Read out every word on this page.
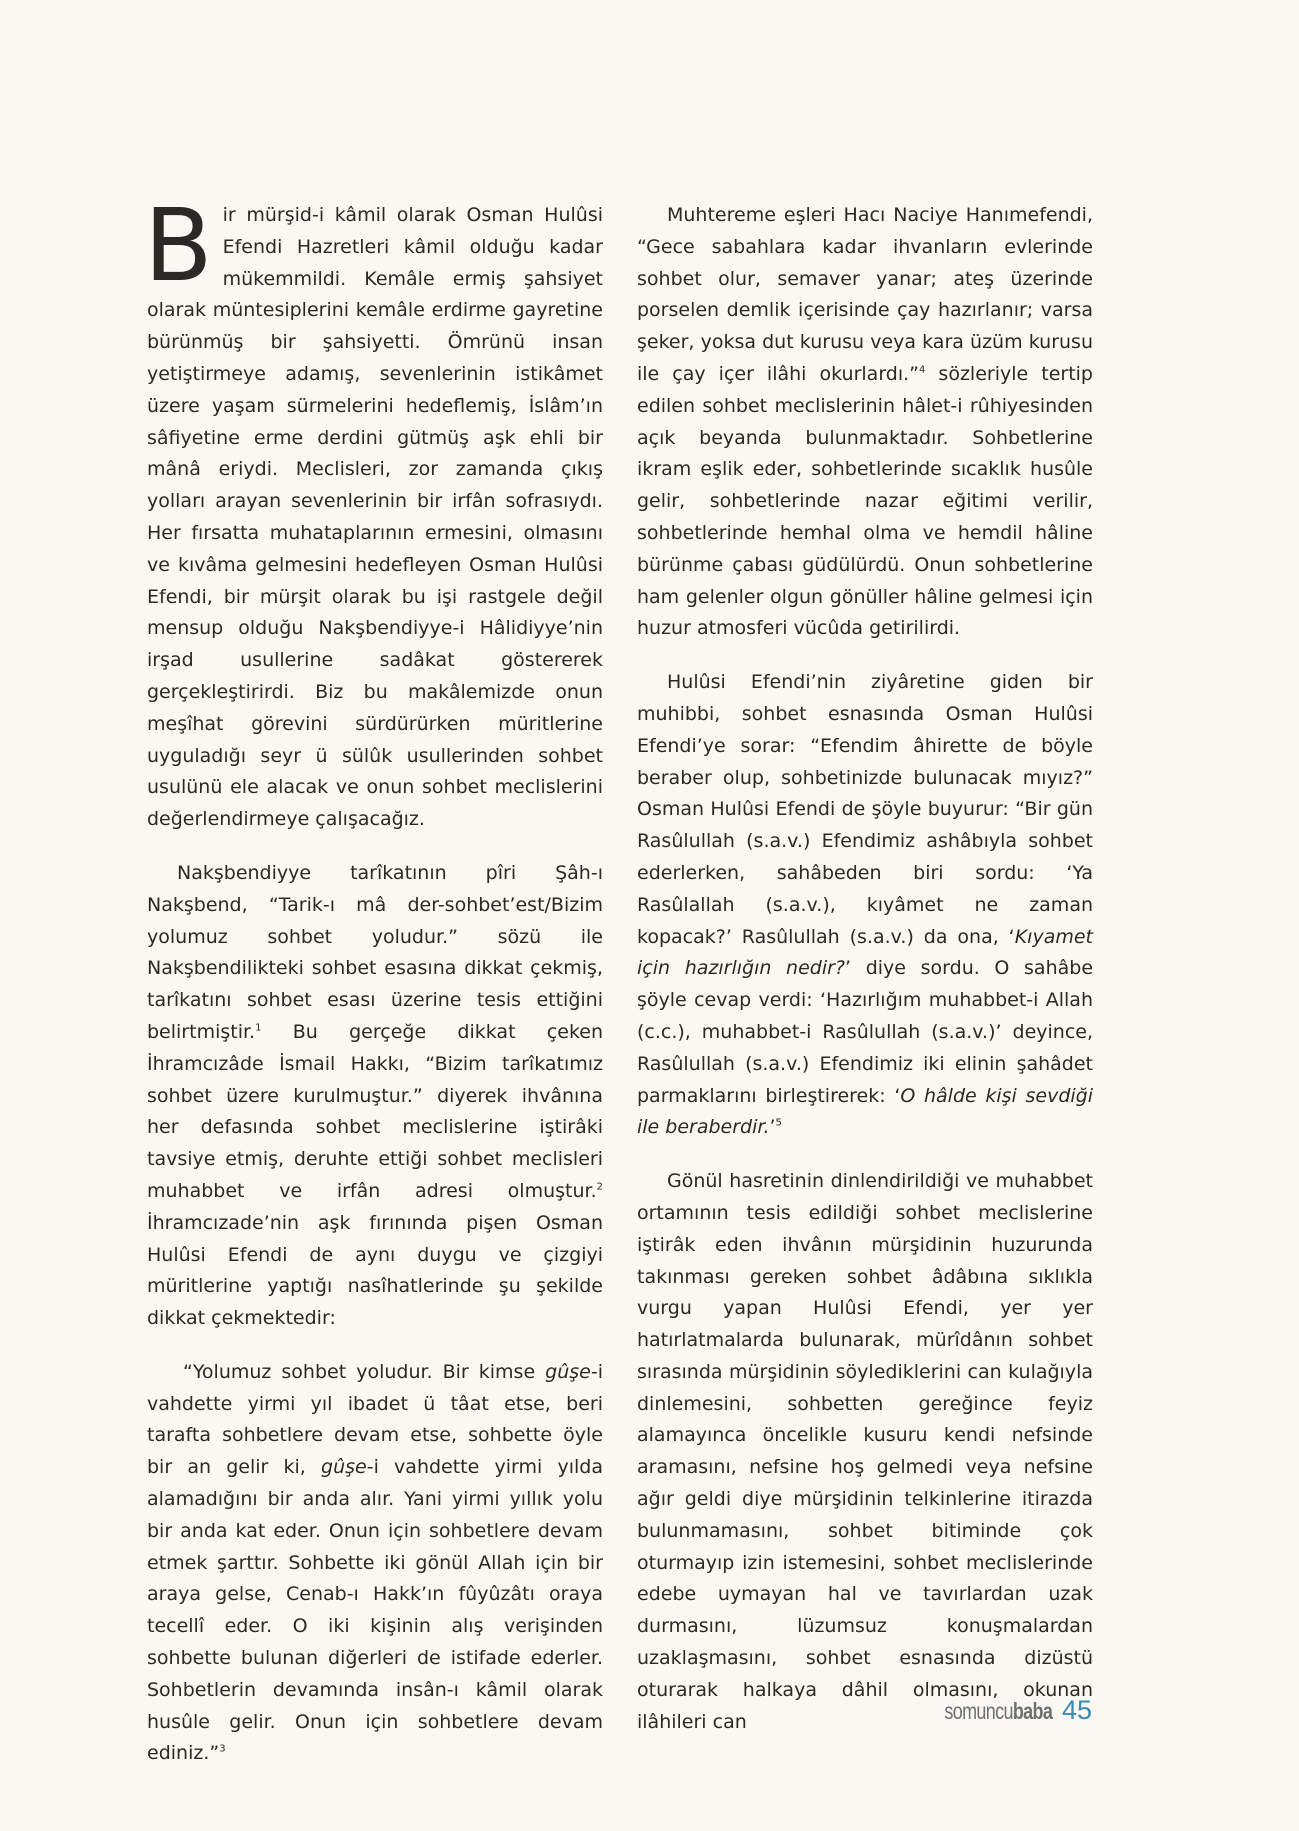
Bir mürşid-i kâmil olarak Osman Hulûsi Efendi Hazretleri kâmil olduğu kadar mükemmildi. Kemâle ermiş şahsiyet olarak müntesiplerini kemâle erdirme gayretine bürünmüş bir şahsiyetti. Ömrünü insan yetiştirmeye adamış, sevenlerinin istikâmet üzere yaşam sürmelerini hedeflemiş, İslâm’ın sâfiyetine erme derdini gütmüş aşk ehli bir mânâ eriydi. Meclisleri, zor zamanda çıkış yolları arayan sevenlerinin bir irfân sofrasıydı. Her fırsatta muhataplarının ermesini, olmasını ve kıvâma gelmesini hedefleyen Osman Hulûsi Efendi, bir mürşit olarak bu işi rastgele değil mensup olduğu Nakşbendiyye-i Hâlidiyye’nin irşad usullerine sadâkat göstererek gerçekleştirirdi. Biz bu makâlemizde onun meşîhat görevini sürdürürken müritlerine uyguladığı seyr ü sülûk usullerinden sohbet usulünü ele alacak ve onun sohbet meclislerini değerlendirmeye çalışacağız.

Nakşbendiyye tarîkatının pîri Şâh-ı Nakşbend, “Tarik-ı mâ der-sohbet’est/Bizim yolumuz sohbet yoludur.” sözü ile Nakşbendilikteki sohbet esasına dikkat çekmiş, tarîkatını sohbet esası üzerine tesis ettiğini belirtmiştir.$^1$ Bu gerçeğe dikkat çeken İhramcızâde İsmail Hakkı, “Bizim tarîkatımız sohbet üzere kurulmuştur.” diyerek ihvânına her defasında sohbet meclislerine iştirâki tavsiye etmiş, deruhte ettiği sohbet meclisleri muhabbet ve irfân adresi olmuştur.$^2$ İhramcızade’nin aşk fırınında pişen Osman Hulûsi Efendi de aynı duygu ve çizgiyi müritlerine yaptığı nasîhatlerinde şu şekilde dikkat çekmektedir:

“Yolumuz sohbet yoludur. Bir kimse gûşe-i vahdette yirmi yıl ibadet ü tâat etse, beri tarafta sohbetlere devam etse, sohbette öyle bir an gelir ki, gûşe-i vahdette yirmi yılda alamadığını bir anda alır. Yani yirmi yıllık yolu bir anda kat eder. Onun için sohbetlere devam etmek şarttır. Sohbette iki gönül Allah için bir araya gelse, Cenab-ı Hakk’ın fûyûzâtı oraya tecellî eder. O iki kişinin alış verişinden sohbette bulunan diğerleri de istifade ederler. Sohbetlerin devamında insân-ı kâmil olarak husûle gelir. Onun için sohbetlere devam ediniz.”$^3$

Muhtereme eşleri Hacı Naciye Hanımefendi, “Gece sabahlara kadar ihvanların evlerinde sohbet olur, semaver yanar; ateş üzerinde porselen demlik içerisinde çay hazırlanır; varsa şeker, yoksa dut kurusu veya kara üzüm kurusu ile çay içer ilâhi okurlardı.”$^4$ sözleriyle tertip edilen sohbet meclislerinin hâlet-i rûhiyesinden açık beyanda bulunmaktadır. Sohbetlerine ikram eşlik eder, sohbetlerinde sıcaklık husûle gelir, sohbetlerinde nazar eğitimi verilir, sohbetlerinde hemhal olma ve hemdil hâline bürünme çabası güdülürdü. Onun sohbetlerine ham gelenler olgun gönüller hâline gelmesi için huzur atmosferi vücûda getirilirdi.

Hulûsi Efendi’nin ziyâretine giden bir muhibbi, sohbet esnasında Osman Hulûsi Efendi’ye sorar: “Efendim âhirette de böyle beraber olup, sohbetinizde bulunacak mıyız?” Osman Hulûsi Efendi de şöyle buyurur: “Bir gün Rasûlullah (s.a.v.) Efendimiz ashâbıyla sohbet ederlerken, sahâbeden biri sordu: ‘Ya Rasûlallah (s.a.v.), kıyâmet ne zaman kopacak?’ Rasûlullah (s.a.v.) da ona, ‘Kıyamet için hazırlığın nedir?’ diye sordu. O sahâbe şöyle cevap verdi: ‘Hazırlığım muhabbet-i Allah (c.c.), muhabbet-i Rasûlullah (s.a.v.)’ deyince, Rasûlullah (s.a.v.) Efendimiz iki elinin şahâdet parmaklarını birleştirerek: ‘O hâlde kişi sevdiği ile beraberdir.’$^5$

Gönül hasretinin dinlendirildiği ve muhabbet ortamının tesis edildiği sohbet meclislerine iştirâk eden ihvânın mürşidinin huzurunda takınması gereken sohbet âdâbına sıklıkla vurgu yapan Hulûsi Efendi, yer yer hatırlatmalarda bulunarak, mürîdânın sohbet sırasında mürşidinin söylediklerini can kulağıyla dinlemesini, sohbetten gereğince feyiz alamayınca öncelikle kusuru kendi nefsinde aramasını, nefsine hoş gelmedi veya nefsine ağır geldi diye mürşidinin telkinlerine itirazda bulunmamasını, sohbet bitiminde çok oturmayıp izin istemesini, sohbet meclislerinde edebe uymayan hal ve tavırlardan uzak durmasını, lüzumsuz konuşmalardan uzaklaşmasını, sohbet esnasında dizüstü oturarak halkaya dâhil olmasını, okunan ilâhileri can	somuncubaba 45
